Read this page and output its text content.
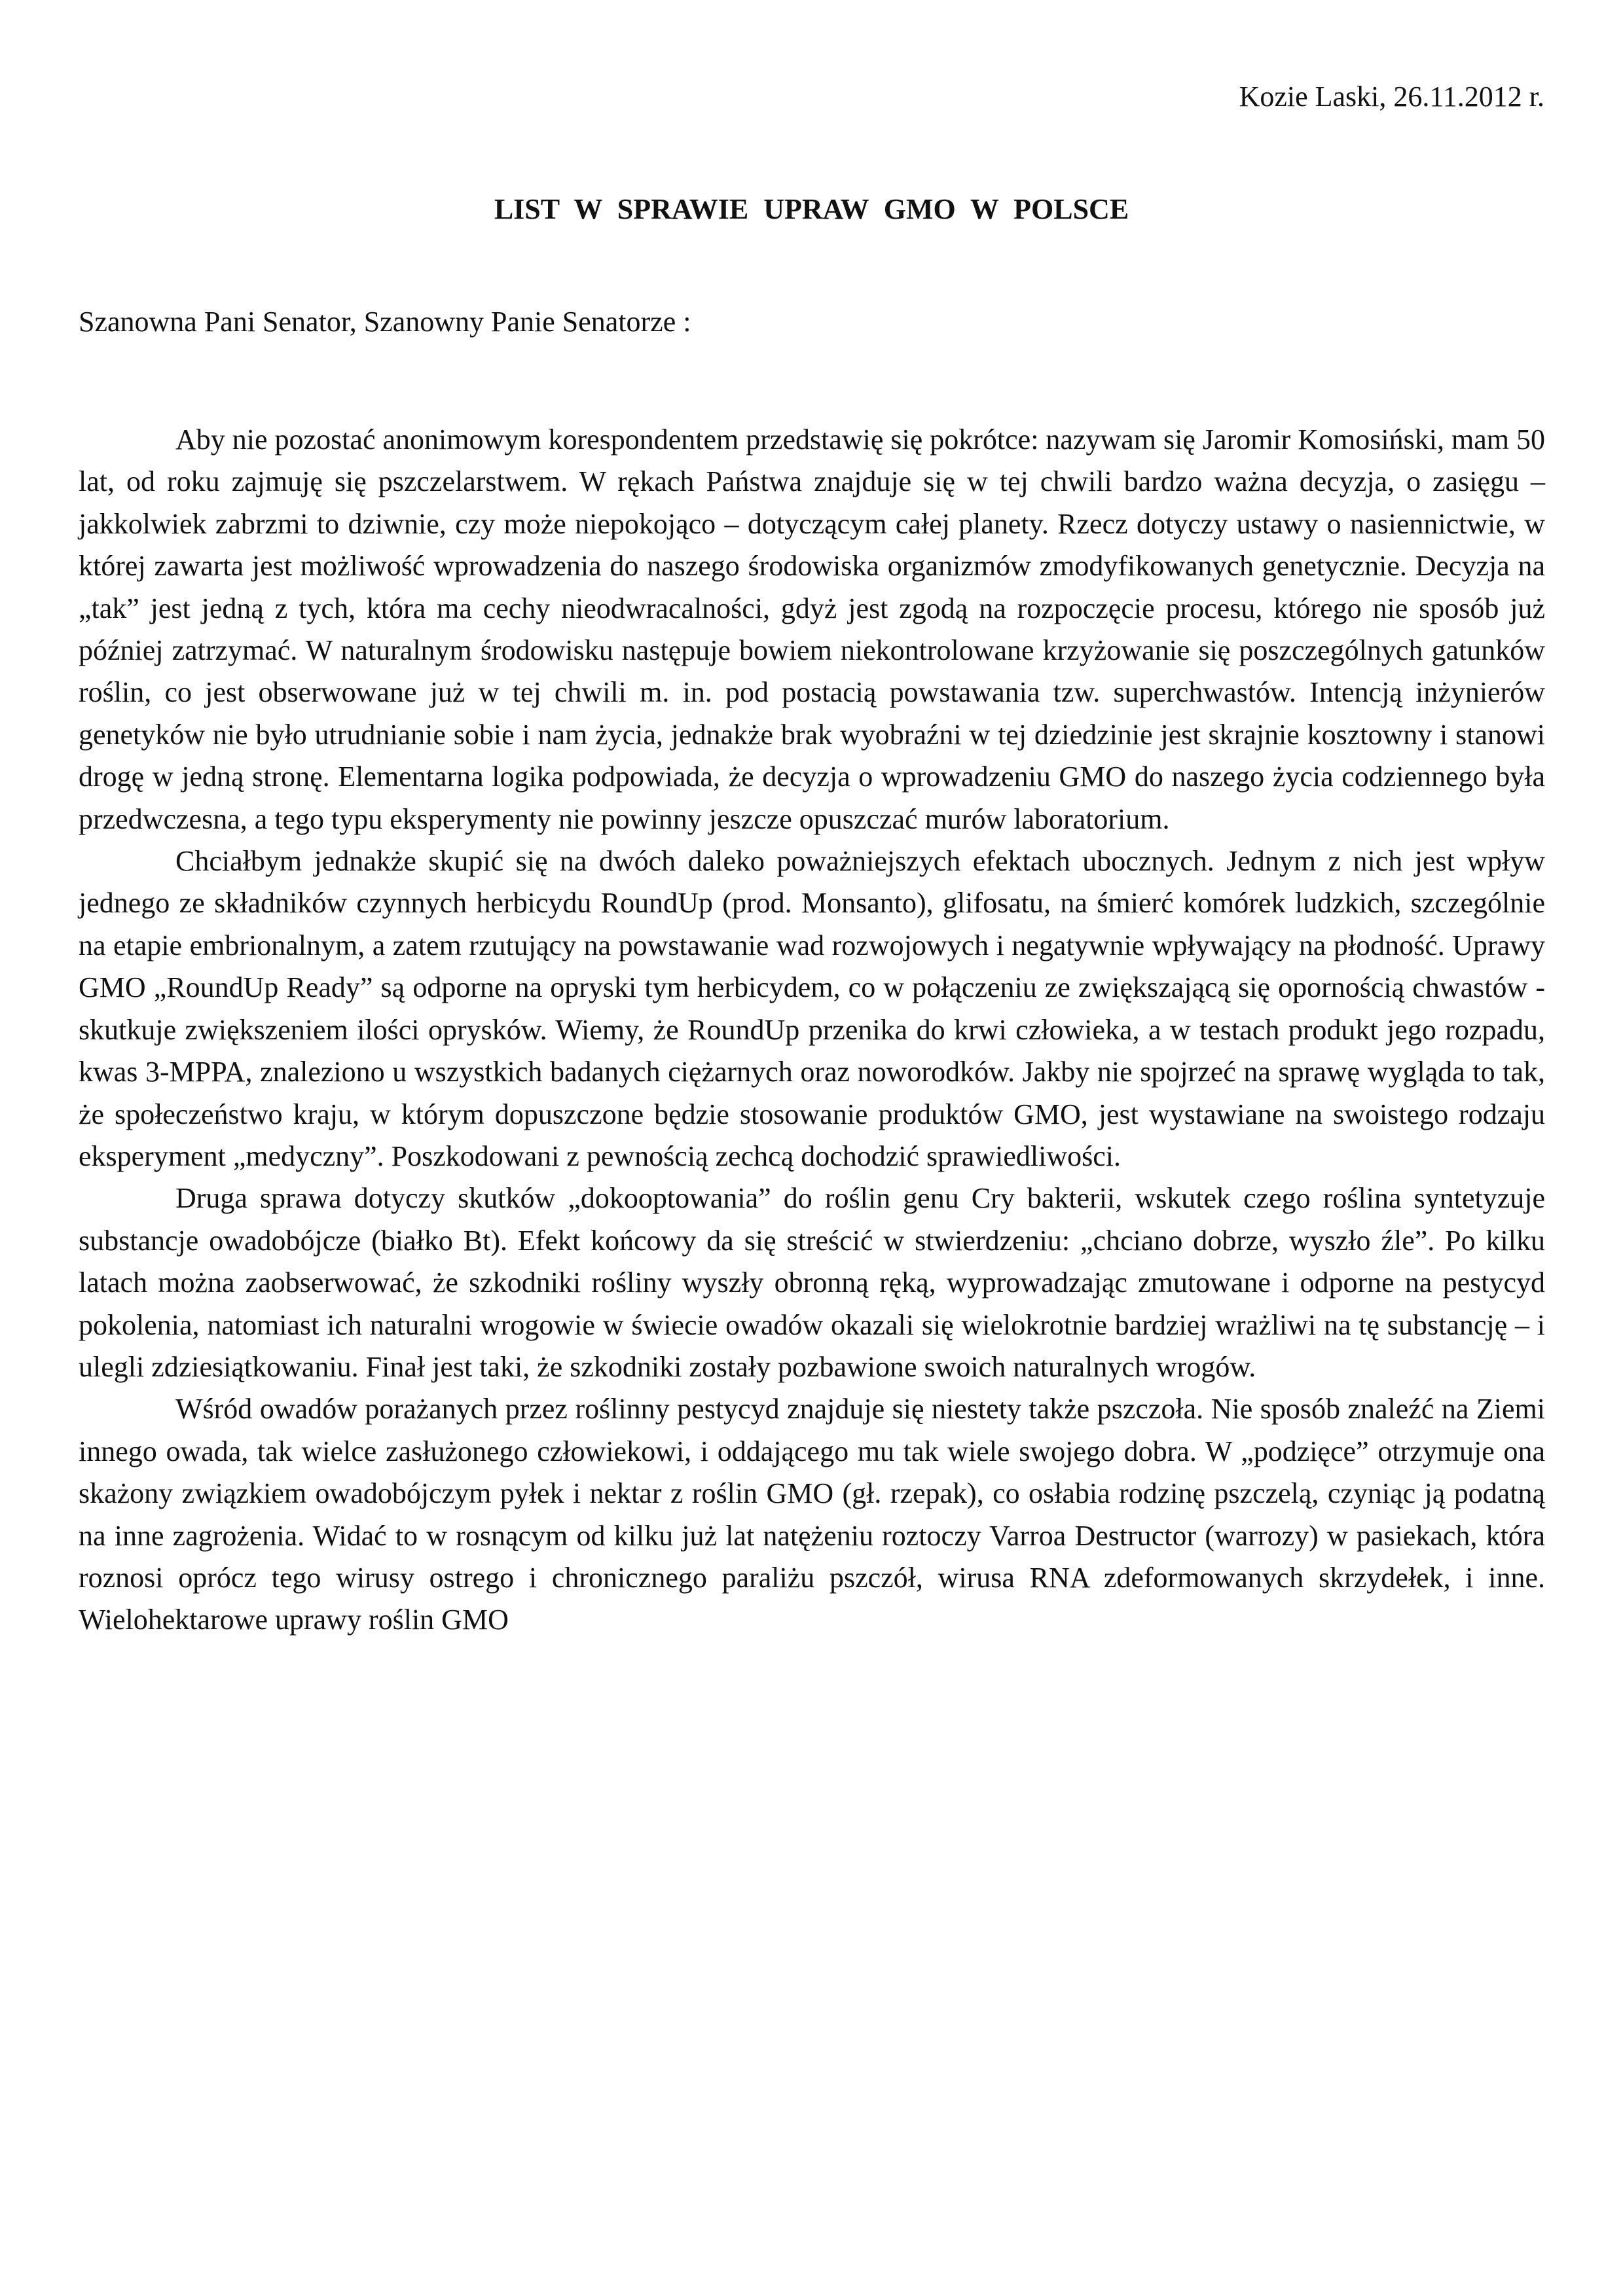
Kozie Laski, 26.11.2012 r.
LIST W SPRAWIE UPRAW GMO W POLSCE
Szanowna Pani Senator, Szanowny Panie Senatorze :

Aby nie pozostać anonimowym korespondentem przedstawię się pokrótce: nazywam się Jaromir Komosiński, mam 50 lat, od roku zajmuję się pszczelarstwem. W rękach Państwa znajduje się w tej chwili bardzo ważna decyzja, o zasięgu – jakkolwiek zabrzmi to dziwnie, czy może niepokojąco – dotyczącym całej planety. Rzecz dotyczy ustawy o nasiennictwie, w której zawarta jest możliwość wprowadzenia do naszego środowiska organizmów zmodyfikowanych genetycznie. Decyzja na „tak” jest jedną z tych, która ma cechy nieodwracalności, gdyż jest zgodą na rozpoczęcie procesu, którego nie sposób już później zatrzymać. W naturalnym środowisku następuje bowiem niekontrolowane krzyżowanie się poszczególnych gatunków roślin, co jest obserwowane już w tej chwili m. in. pod postacią powstawania tzw. superchwastów. Intencją inżynierów genetyków nie było utrudnianie sobie i nam życia, jednakże brak wyobraźni w tej dziedzinie jest skrajnie kosztowny i stanowi drogę w jedną stronę. Elementarna logika podpowiada, że decyzja o wprowadzeniu GMO do naszego życia codziennego była przedwczesna, a tego typu eksperymenty nie powinny jeszcze opuszczać murów laboratorium.

Chciałbym jednakże skupić się na dwóch daleko poważniejszych efektach ubocznych. Jednym z nich jest wpływ jednego ze składników czynnych herbicydu RoundUp (prod. Monsanto), glifosatu, na śmierć komórek ludzkich, szczególnie na etapie embrionalnym, a zatem rzutujący na powstawanie wad rozwojowych i negatywnie wpływający na płodność. Uprawy GMO „RoundUp Ready” są odporne na opryski tym herbicydem, co w połączeniu ze zwiększającą się opornością chwastów - skutkuje zwiększeniem ilości oprysków. Wiemy, że RoundUp przenika do krwi człowieka, a w testach produkt jego rozpadu, kwas 3-MPPA, znaleziono u wszystkich badanych ciężarnych oraz noworodków. Jakby nie spojrzeć na sprawę wygląda to tak, że społeczeństwo kraju, w którym dopuszczone będzie stosowanie produktów GMO, jest wystawiane na swoistego rodzaju eksperyment „medyczny”. Poszkodowani z pewnością zechcą dochodzić sprawiedliwości.

Druga sprawa dotyczy skutków „dokooptowania” do roślin genu Cry bakterii, wskutek czego roślina syntetyzuje substancje owadobójcze (białko Bt). Efekt końcowy da się streścić w stwierdzeniu: „chciano dobrze, wyszło źle”. Po kilku latach można zaobserwować, że szkodniki rośliny wyszły obronną ręką, wyprowadzając zmutowane i odporne na pestycyd pokolenia, natomiast ich naturalni wrogowie w świecie owadów okazali się wielokrotnie bardziej wrażliwi na tę substancję – i ulegli zdziesiątkowaniu. Finał jest taki, że szkodniki zostały pozbawione swoich naturalnych wrogów.

Wśród owadów porażanych przez roślinny pestycyd znajduje się niestety także pszczoła. Nie sposób znaleźć na Ziemi innego owada, tak wielce zasłużonego człowiekowi, i oddającego mu tak wiele swojego dobra. W „podzięce” otrzymuje ona skażony związkiem owadobójczym pyłek i nektar z roślin GMO (gł. rzepak), co osłabia rodzinę pszczelą, czyniąc ją podatną na inne zagrożenia. Widać to w rosnącym od kilku już lat natężeniu roztoczy Varroa Destructor (warrozy) w pasiekach, która roznosi oprócz tego wirusy ostrego i chronicznego paraliżu pszczół, wirusa RNA zdeformowanych skrzydełek, i inne. Wielohektarowe uprawy roślin GMO
